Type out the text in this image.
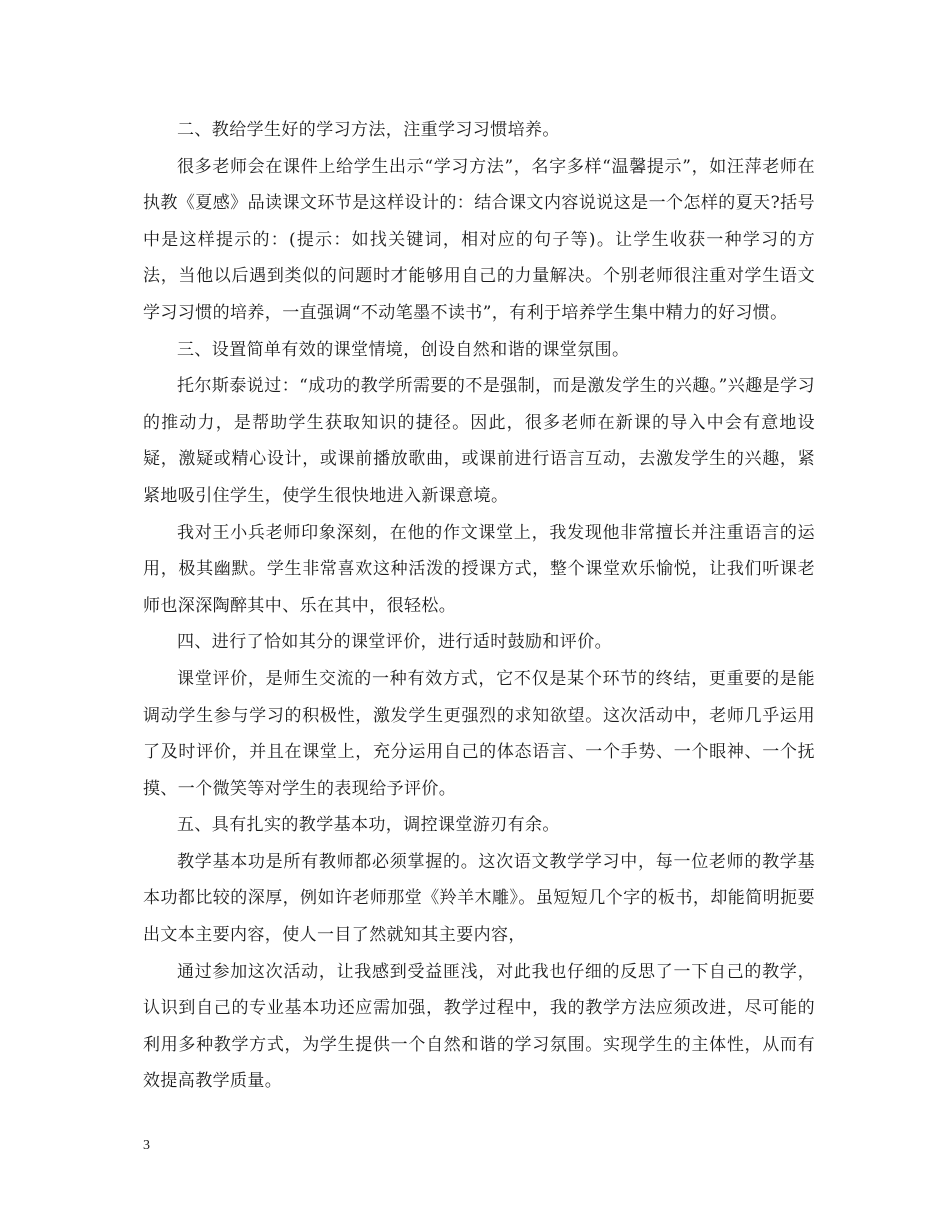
二、教给学生好的学习方法，注重学习习惯培养。

很多老师会在课件上给学生出示“学习方法”，名字多样“温馨提示”，如汪萍老师在执教《夏感》品读课文环节是这样设计的：结合课文内容说说这是一个怎样的夏天?括号中是这样提示的：(提示：如找关键词，相对应的句子等)。让学生收获一种学习的方法，当他以后遇到类似的问题时才能够用自己的力量解决。个别老师很注重对学生语文学习习惯的培养，一直强调“不动笔墨不读书”，有利于培养学生集中精力的好习惯。

三、设置简单有效的课堂情境，创设自然和谐的课堂氛围。

托尔斯泰说过：“成功的教学所需要的不是强制，而是激发学生的兴趣。”兴趣是学习的推动力，是帮助学生获取知识的捷径。因此，很多老师在新课的导入中会有意地设疑，激疑或精心设计，或课前播放歌曲，或课前进行语言互动，去激发学生的兴趣，紧紧地吸引住学生，使学生很快地进入新课意境。

我对王小兵老师印象深刻，在他的作文课堂上，我发现他非常擅长并注重语言的运用，极其幽默。学生非常喜欢这种活泼的授课方式，整个课堂欢乐愉悦，让我们听课老师也深深陶醉其中、乐在其中，很轻松。

四、进行了恰如其分的课堂评价，进行适时鼓励和评价。

课堂评价，是师生交流的一种有效方式，它不仅是某个环节的终结，更重要的是能调动学生参与学习的积极性，激发学生更强烈的求知欲望。这次活动中，老师几乎运用了及时评价，并且在课堂上，充分运用自己的体态语言、一个手势、一个眼神、一个抚摸、一个微笑等对学生的表现给予评价。

五、具有扎实的教学基本功，调控课堂游刃有余。

教学基本功是所有教师都必须掌握的。这次语文教学学习中，每一位老师的教学基本功都比较的深厚，例如许老师那堂《羚羊木雕》。虽短短几个字的板书，却能简明扼要出文本主要内容，使人一目了然就知其主要内容，

通过参加这次活动，让我感到受益匪浅，对此我也仔细的反思了一下自己的教学，认识到自己的专业基本功还应需加强，教学过程中，我的教学方法应须改进，尽可能的利用多种教学方式，为学生提供一个自然和谐的学习氛围。实现学生的主体性，从而有效提高教学质量。

3
